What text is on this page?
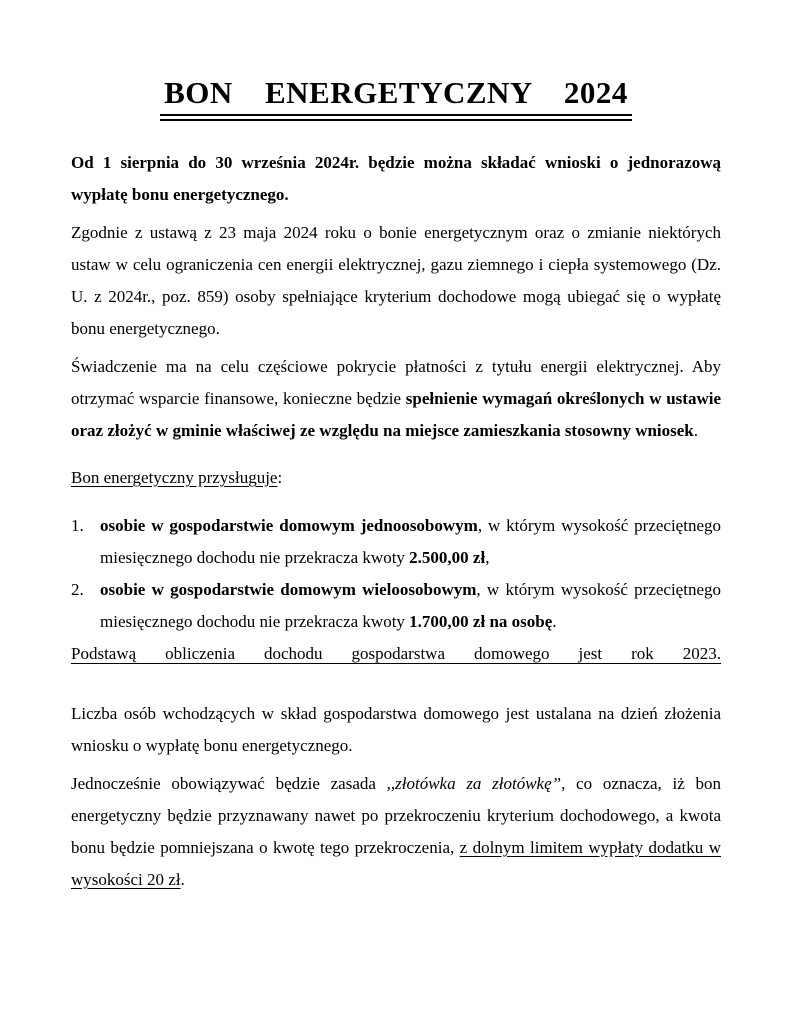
BON ENERGETYCZNY 2024

Od 1 sierpnia do 30 września 2024r. będzie można składać wnioski o jednorazową wypłatę bonu energetycznego.

Zgodnie z ustawą z 23 maja 2024 roku o bonie energetycznym oraz o zmianie niektórych ustaw w celu ograniczenia cen energii elektrycznej, gazu ziemnego i ciepła systemowego (Dz. U. z 2024r., poz. 859) osoby spełniające kryterium dochodowe mogą ubiegać się o wypłatę bonu energetycznego.

Świadczenie ma na celu częściowe pokrycie płatności z tytułu energii elektrycznej. Aby otrzymać wsparcie finansowe, konieczne będzie spełnienie wymagań określonych w ustawie oraz złożyć w gminie właściwej ze względu na miejsce zamieszkania stosowny wniosek.

Bon energetyczny przysługuje:

1. osobie w gospodarstwie domowym jednoosobowym, w którym wysokość przeciętnego miesięcznego dochodu nie przekracza kwoty 2.500,00 zł,
2. osobie w gospodarstwie domowym wieloosobowym, w którym wysokość przeciętnego miesięcznego dochodu nie przekracza kwoty 1.700,00 zł na osobę.

Podstawą obliczenia dochodu gospodarstwa domowego jest rok 2023.

Liczba osób wchodzących w skład gospodarstwa domowego jest ustalana na dzień złożenia wniosku o wypłatę bonu energetycznego.

Jednocześnie obowiązywać będzie zasada ,,złotówka za złotówkę”, co oznacza, iż bon energetyczny będzie przyznawany nawet po przekroczeniu kryterium dochodowego, a kwota bonu będzie pomniejszana o kwotę tego przekroczenia, z dolnym limitem wypłaty dodatku w wysokości 20 zł.
